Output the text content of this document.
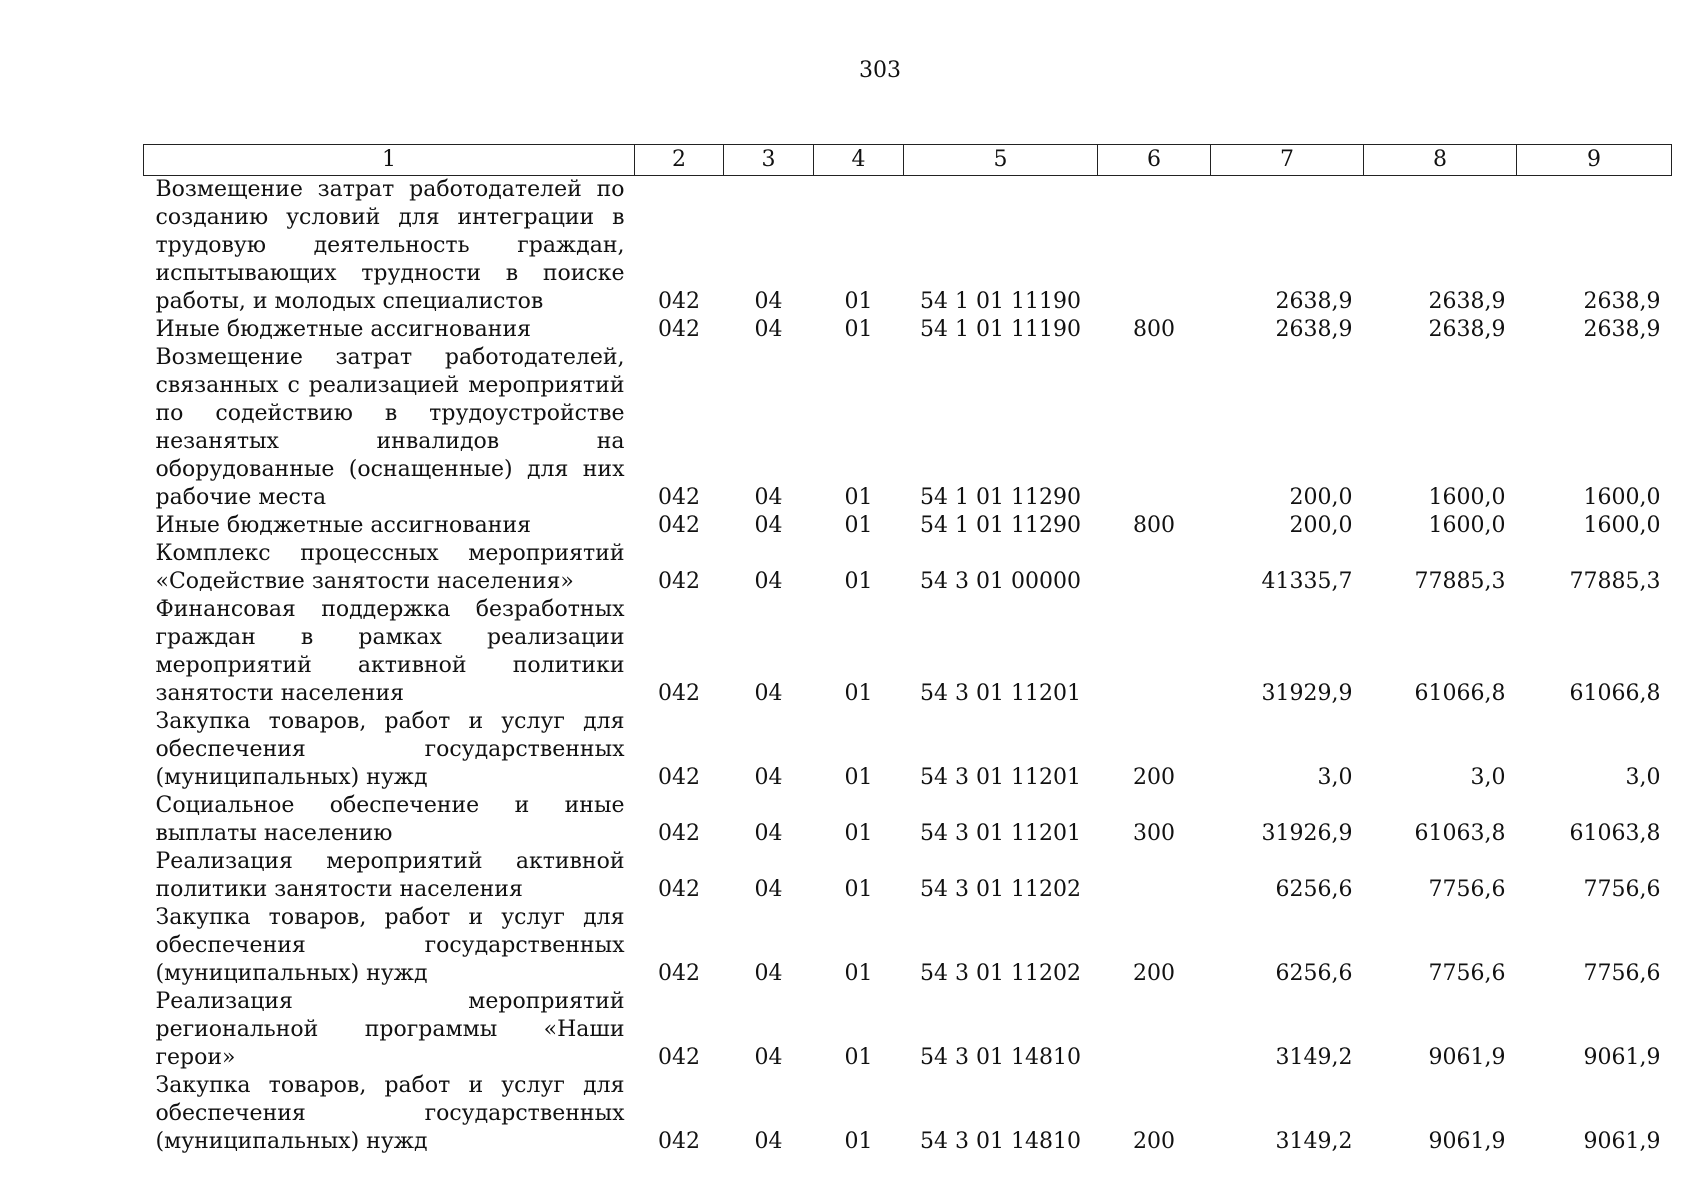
303
1	2	3	4	5	6	7	8	9
Возмещение затрат работодателей по созданию условий для интеграции в трудовую деятельность граждан, испытывающих трудности в поиске работы, и молодых специалистов	042	04	01	54 1 01 11190		2638,9	2638,9	2638,9
Иные бюджетные ассигнования	042	04	01	54 1 01 11190	800	2638,9	2638,9	2638,9
Возмещение затрат работодателей, связанных с реализацией мероприятий по содействию в трудоустройстве незанятых инвалидов на оборудованные (оснащенные) для них рабочие места	042	04	01	54 1 01 11290		200,0	1600,0	1600,0
Иные бюджетные ассигнования	042	04	01	54 1 01 11290	800	200,0	1600,0	1600,0
Комплекс процессных мероприятий «Содействие занятости населения»	042	04	01	54 3 01 00000		41335,7	77885,3	77885,3
Финансовая поддержка безработных граждан в рамках реализации мероприятий активной политики занятости населения	042	04	01	54 3 01 11201		31929,9	61066,8	61066,8
Закупка товаров, работ и услуг для обеспечения государственных (муниципальных) нужд	042	04	01	54 3 01 11201	200	3,0	3,0	3,0
Социальное обеспечение и иные выплаты населению	042	04	01	54 3 01 11201	300	31926,9	61063,8	61063,8
Реализация мероприятий активной политики занятости населения	042	04	01	54 3 01 11202		6256,6	7756,6	7756,6
Закупка товаров, работ и услуг для обеспечения государственных (муниципальных) нужд	042	04	01	54 3 01 11202	200	6256,6	7756,6	7756,6
Реализация мероприятий региональной программы «Наши герои»	042	04	01	54 3 01 14810		3149,2	9061,9	9061,9
Закупка товаров, работ и услуг для обеспечения государственных (муниципальных) нужд	042	04	01	54 3 01 14810	200	3149,2	9061,9	9061,9
